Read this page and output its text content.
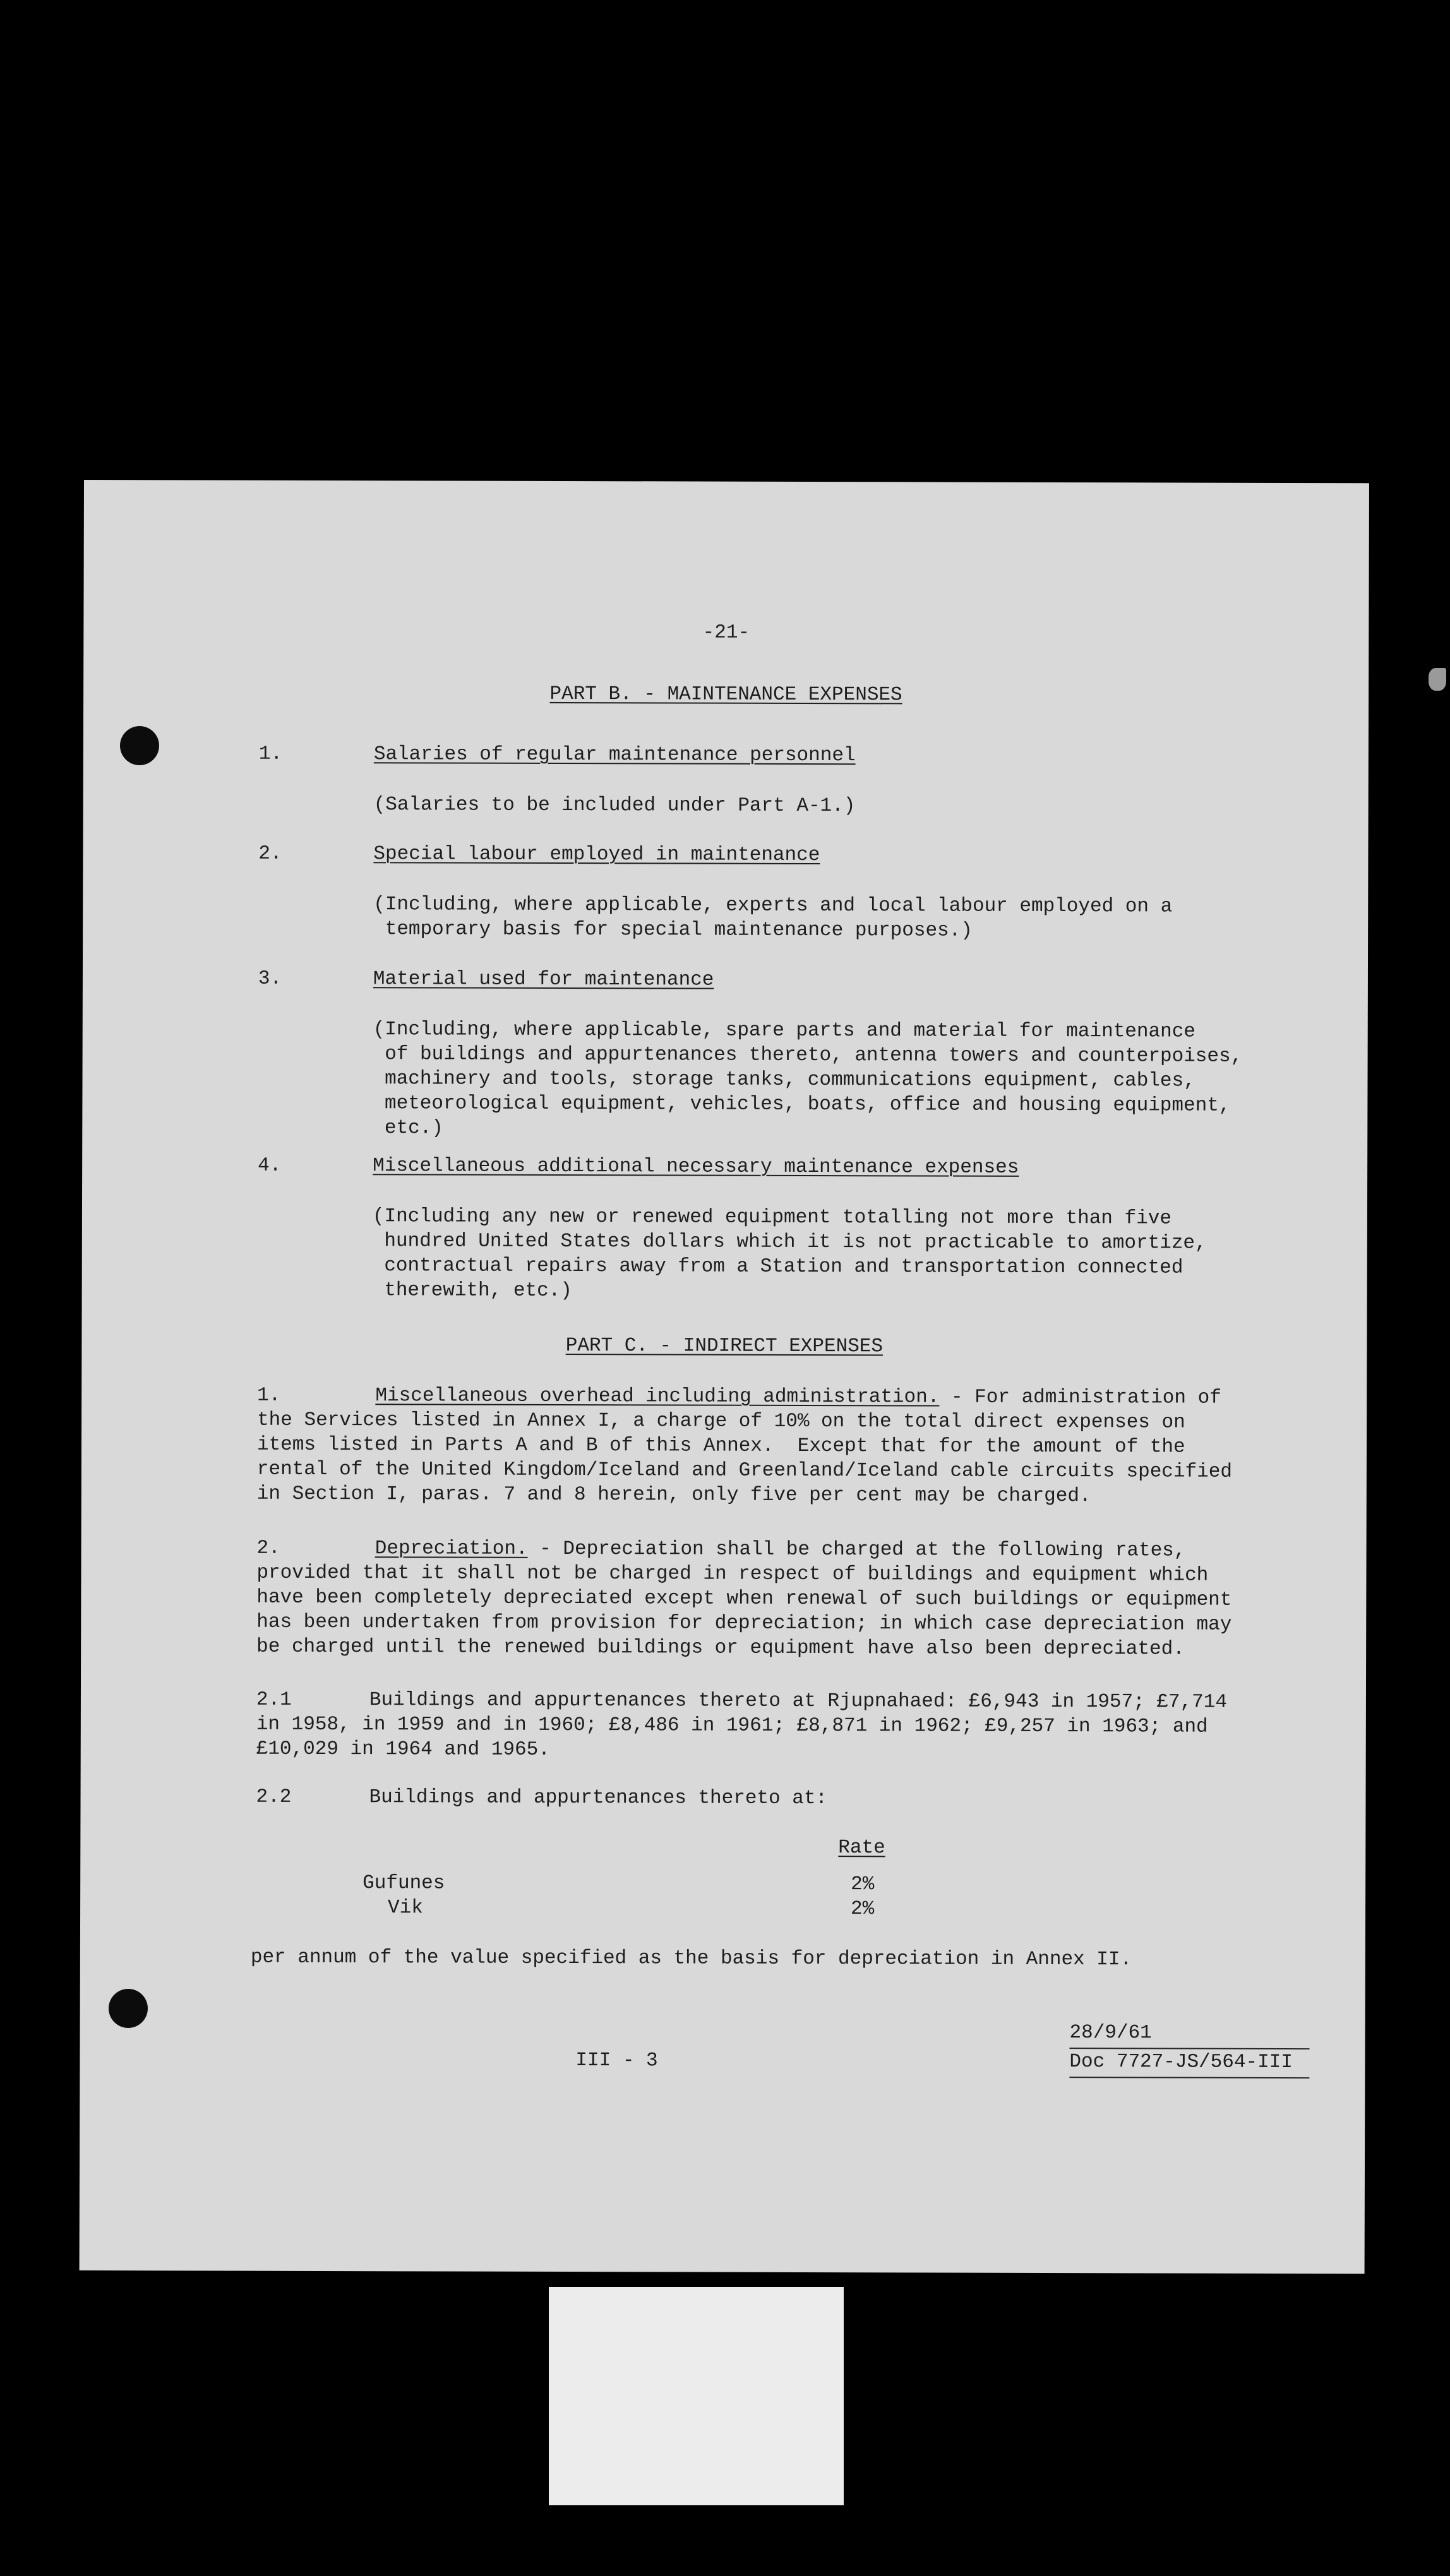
-21-

PART B. - MAINTENANCE EXPENSES

1.	Salaries of regular maintenance personnel

(Salaries to be included under Part A-1.)

2.	Special labour employed in maintenance

(Including, where applicable, experts and local labour employed on a
temporary basis for special maintenance purposes.)

3.	Material used for maintenance

(Including, where applicable, spare parts and material for maintenance
of buildings and appurtenances thereto, antenna towers and counterpoises,
machinery and tools, storage tanks, communications equipment, cables,
meteorological equipment, vehicles, boats, office and housing equipment,
etc.)

4.	Miscellaneous additional necessary maintenance expenses

(Including any new or renewed equipment totalling not more than five
hundred United States dollars which it is not practicable to amortize,
contractual repairs away from a Station and transportation connected
therewith, etc.)

PART C. - INDIRECT EXPENSES

1.	Miscellaneous overhead including administration. - For administration of

the Services listed in Annex I, a charge of 10% on the total direct expenses on
items listed in Parts A and B of this Annex.  Except that for the amount of the
rental of the United Kingdom/Iceland and Greenland/Iceland cable circuits specified
in Section I, paras. 7 and 8 herein, only five per cent may be charged.

2.	Depreciation. - Depreciation shall be charged at the following rates,

provided that it shall not be charged in respect of buildings and equipment which
have been completely depreciated except when renewal of such buildings or equipment
has been undertaken from provision for depreciation; in which case depreciation may
be charged until the renewed buildings or equipment have also been depreciated.

2.1	Buildings and appurtenances thereto at Rjupnahaed: £6,943 in 1957; £7,714

in 1958, in 1959 and in 1960; £8,486 in 1961; £8,871 in 1962; £9,257 in 1963; and
£10,029 in 1964 and 1965.

2.2	Buildings and appurtenances thereto at:

Rate

Gufunes	2%

Vik	2%

per annum of the value specified as the basis for depreciation in Annex II.

28/9/61

III - 3	Doc 7727-JS/564-III
